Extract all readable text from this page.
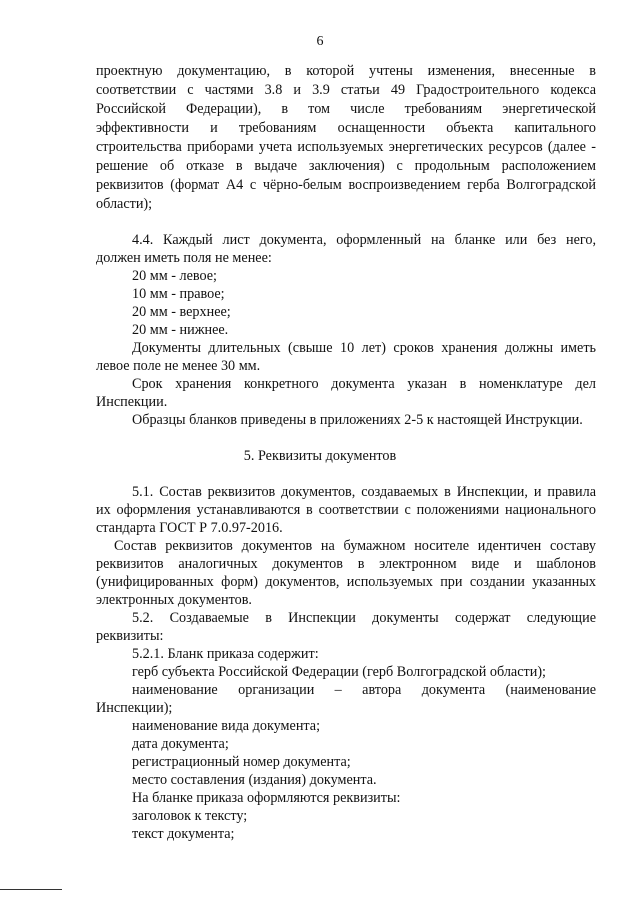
6
проектную документацию, в которой учтены изменения, внесенные в
соответствии с частями 3.8 и 3.9 статьи 49 Градостроительного кодекса
Российской Федерации), в том числе требованиям энергетической
эффективности и требованиям оснащенности объекта капитального
строительства приборами учета используемых энергетических ресурсов (далее -
решение об отказе в выдаче заключения) с продольным расположением
реквизитов (формат А4 с чёрно-белым воспроизведением герба Волгоградской
области);
4.4. Каждый лист документа, оформленный на бланке или без него,
должен иметь поля не менее:
20 мм - левое;
10 мм - правое;
20 мм - верхнее;
20 мм - нижнее.
Документы длительных (свыше 10 лет) сроков хранения должны иметь
левое поле не менее 30 мм.
Срок хранения конкретного документа указан в номенклатуре дел
Инспекции.
Образцы бланков приведены в приложениях 2-5 к настоящей Инструкции.
5. Реквизиты документов
5.1. Состав реквизитов документов, создаваемых в Инспекции, и правила
их оформления устанавливаются в соответствии с положениями национального
стандарта ГОСТ Р 7.0.97-2016.
Состав реквизитов документов на бумажном носителе идентичен составу
реквизитов аналогичных документов в электронном виде и шаблонов
(унифицированных форм) документов, используемых при создании указанных
электронных документов.
5.2. Создаваемые в Инспекции документы содержат следующие
реквизиты:
5.2.1. Бланк приказа содержит:
герб субъекта Российской Федерации (герб Волгоградской области);
наименование организации – автора документа (наименование
Инспекции);
наименование вида документа;
дата документа;
регистрационный номер документа;
место составления (издания) документа.
На бланке приказа оформляются реквизиты:
заголовок к тексту;
текст документа;
